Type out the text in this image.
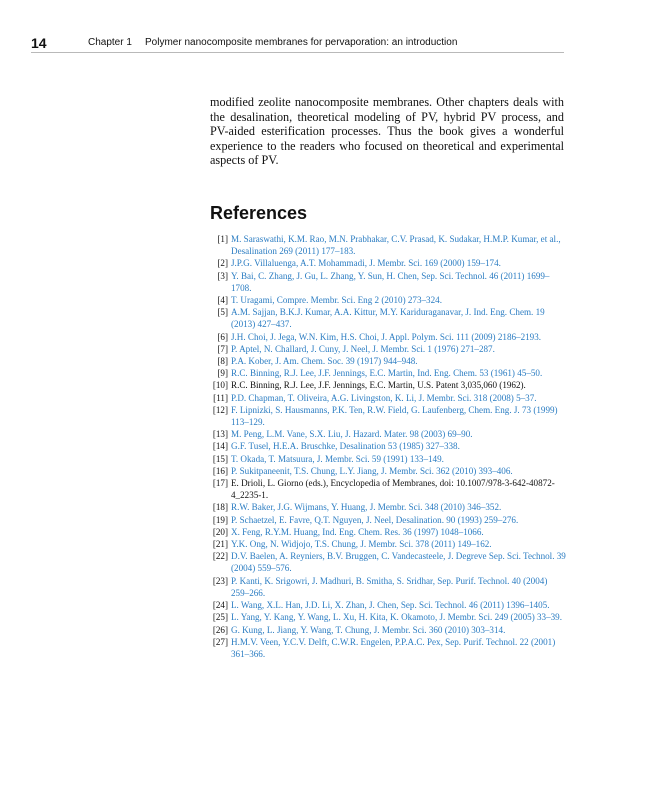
14	Chapter 1 Polymer nanocomposite membranes for pervaporation: an introduction

modified zeolite nanocomposite membranes. Other chapters deals with the desalination, theoretical modeling of PV, hybrid PV process, and PV-aided esterification processes. Thus the book gives a wonderful experience to the readers who focused on theoretical and experimental aspects of PV.

References
[1] M. Saraswathi, K.M. Rao, M.N. Prabhakar, C.V. Prasad, K. Sudakar, H.M.P. Kumar, et al., Desalination 269 (2011) 177–183.
[2] J.P.G. Villaluenga, A.T. Mohammadi, J. Membr. Sci. 169 (2000) 159–174.
[3] Y. Bai, C. Zhang, J. Gu, L. Zhang, Y. Sun, H. Chen, Sep. Sci. Technol. 46 (2011) 1699–1708.
[4] T. Uragami, Compre. Membr. Sci. Eng 2 (2010) 273–324.
[5] A.M. Sajjan, B.K.J. Kumar, A.A. Kittur, M.Y. Kariduraganavar, J. Ind. Eng. Chem. 19 (2013) 427–437.
[6] J.H. Choi, J. Jega, W.N. Kim, H.S. Choi, J. Appl. Polym. Sci. 111 (2009) 2186–2193.
[7] P. Aptel, N. Challard, J. Cuny, J. Neel, J. Membr. Sci. 1 (1976) 271–287.
[8] P.A. Kober, J. Am. Chem. Soc. 39 (1917) 944–948.
[9] R.C. Binning, R.J. Lee, J.F. Jennings, E.C. Martin, Ind. Eng. Chem. 53 (1961) 45–50.
[10] R.C. Binning, R.J. Lee, J.F. Jennings, E.C. Martin, U.S. Patent 3,035,060 (1962).
[11] P.D. Chapman, T. Oliveira, A.G. Livingston, K. Li, J. Membr. Sci. 318 (2008) 5–37.
[12] F. Lipnizki, S. Hausmanns, P.K. Ten, R.W. Field, G. Laufenberg, Chem. Eng. J. 73 (1999) 113–129.
[13] M. Peng, L.M. Vane, S.X. Liu, J. Hazard. Mater. 98 (2003) 69–90.
[14] G.F. Tusel, H.E.A. Bruschke, Desalination 53 (1985) 327–338.
[15] T. Okada, T. Matsuura, J. Membr. Sci. 59 (1991) 133–149.
[16] P. Sukitpaneenit, T.S. Chung, L.Y. Jiang, J. Membr. Sci. 362 (2010) 393–406.
[17] E. Drioli, L. Giorno (eds.), Encyclopedia of Membranes, doi: 10.1007/978-3-642-40872-4_2235-1.
[18] R.W. Baker, J.G. Wijmans, Y. Huang, J. Membr. Sci. 348 (2010) 346–352.
[19] P. Schaetzel, E. Favre, Q.T. Nguyen, J. Neel, Desalination. 90 (1993) 259–276.
[20] X. Feng, R.Y.M. Huang, Ind. Eng. Chem. Res. 36 (1997) 1048–1066.
[21] Y.K. Ong, N. Widjojo, T.S. Chung, J. Membr. Sci. 378 (2011) 149–162.
[22] D.V. Baelen, A. Reyniers, B.V. Bruggen, C. Vandecasteele, J. Degreve Sep. Sci. Technol. 39 (2004) 559–576.
[23] P. Kanti, K. Srigowri, J. Madhuri, B. Smitha, S. Sridhar, Sep. Purif. Technol. 40 (2004) 259–266.
[24] L. Wang, X.L. Han, J.D. Li, X. Zhan, J. Chen, Sep. Sci. Technol. 46 (2011) 1396–1405.
[25] L. Yang, Y. Kang, Y. Wang, L. Xu, H. Kita, K. Okamoto, J. Membr. Sci. 249 (2005) 33–39.
[26] G. Kung, L. Jiang, Y. Wang, T. Chung, J. Membr. Sci. 360 (2010) 303–314.
[27] H.M.V. Veen, Y.C.V. Delft, C.W.R. Engelen, P.P.A.C. Pex, Sep. Purif. Technol. 22 (2001) 361–366.
